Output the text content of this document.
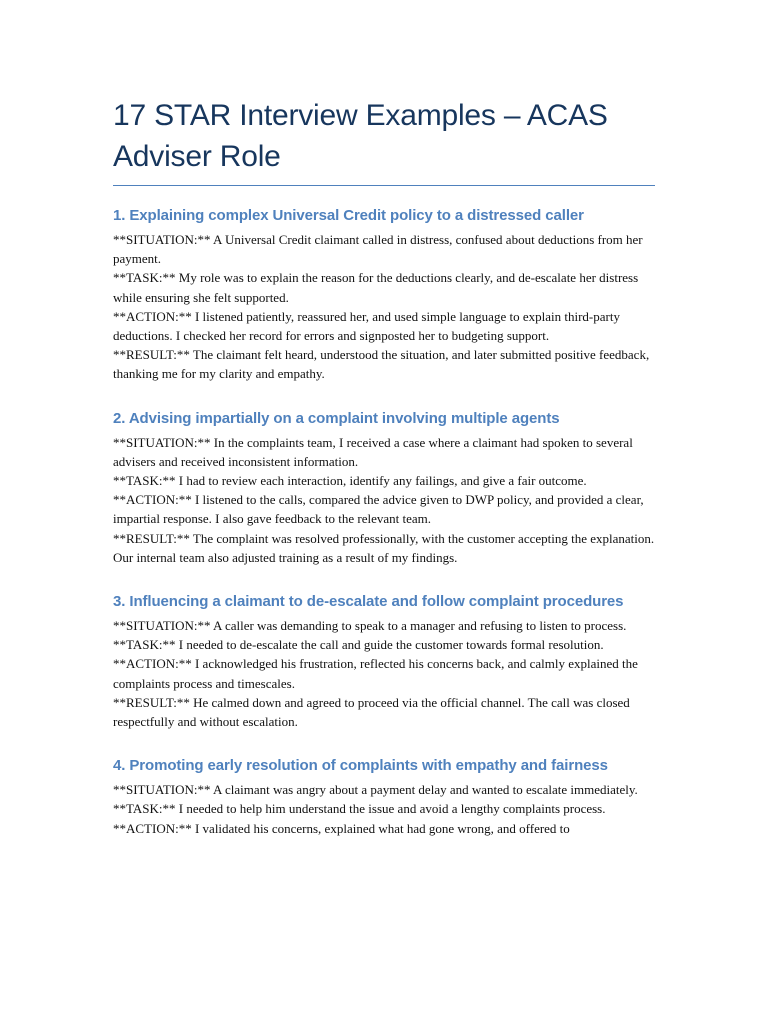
17 STAR Interview Examples – ACAS
Adviser Role
1. Explaining complex Universal Credit policy to a distressed caller

**SITUATION:** A Universal Credit claimant called in distress, confused about deductions from her payment.

**TASK:** My role was to explain the reason for the deductions clearly, and de-escalate her distress while ensuring she felt supported.

**ACTION:** I listened patiently, reassured her, and used simple language to explain third-party deductions. I checked her record for errors and signposted her to budgeting support.

**RESULT:** The claimant felt heard, understood the situation, and later submitted positive feedback, thanking me for my clarity and empathy.

2. Advising impartially on a complaint involving multiple agents

**SITUATION:** In the complaints team, I received a case where a claimant had spoken to several advisers and received inconsistent information.

**TASK:** I had to review each interaction, identify any failings, and give a fair outcome.

**ACTION:** I listened to the calls, compared the advice given to DWP policy, and provided a clear, impartial response. I also gave feedback to the relevant team.

**RESULT:** The complaint was resolved professionally, with the customer accepting the explanation. Our internal team also adjusted training as a result of my findings.

3. Influencing a claimant to de-escalate and follow complaint procedures

**SITUATION:** A caller was demanding to speak to a manager and refusing to listen to process.

**TASK:** I needed to de-escalate the call and guide the customer towards formal resolution.

**ACTION:** I acknowledged his frustration, reflected his concerns back, and calmly explained the complaints process and timescales.

**RESULT:** He calmed down and agreed to proceed via the official channel. The call was closed respectfully and without escalation.

4. Promoting early resolution of complaints with empathy and fairness

**SITUATION:** A claimant was angry about a payment delay and wanted to escalate immediately.

**TASK:** I needed to help him understand the issue and avoid a lengthy complaints process.

**ACTION:** I validated his concerns, explained what had gone wrong, and offered to
